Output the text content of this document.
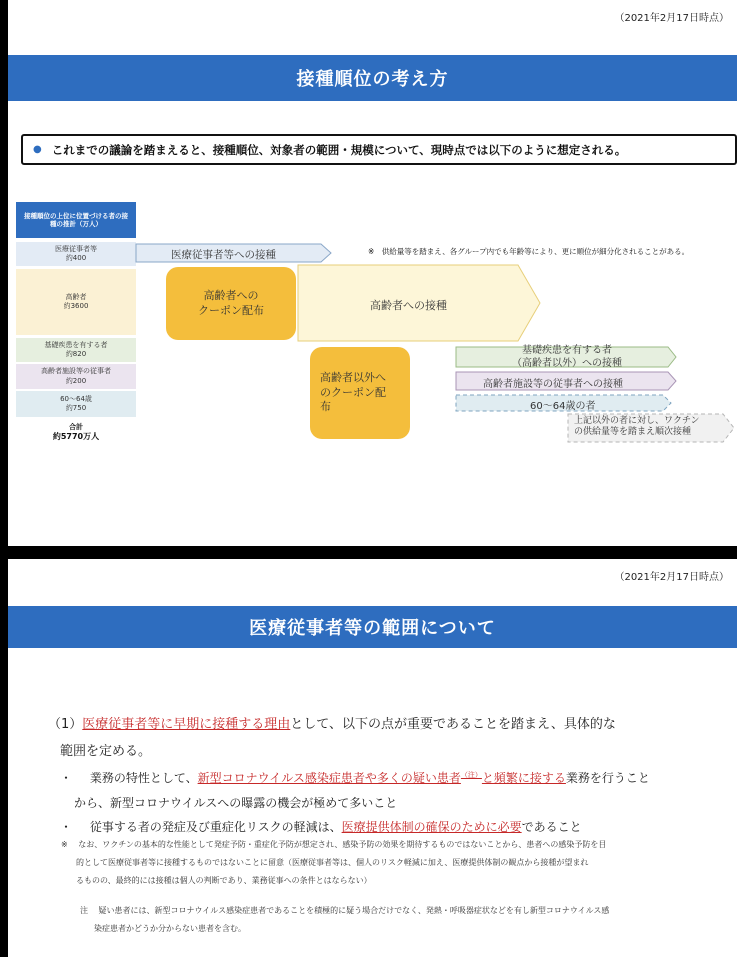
（2021年2月17日時点）
接種順位の考え方
● これまでの議論を踏まえると、接種順位、対象者の範囲・規模について、現時点では以下のように想定される。
接種順位の上位に位置づける者の接種の推計（万人）
医療従事者等
約400
高齢者
約3600
基礎疾患を有する者
約820
高齢者施設等の従事者
約200
60～64歳
約750
合計
約5770万人
※　供給量等を踏まえ、各グループ内でも年齢等により、更に順位が細分化されることがある。
医療従事者等への接種
高齢者への
クーポン配布	高齢者への接種
高齢者以外へ
のクーポン配
布
基礎疾患を有する者
（高齢者以外）への接種
高齢者施設等の従事者への接種
60～64歳の者
上記以外の者に対し、ワクチン
の供給量等を踏まえ順次接種
（2021年2月17日時点）
医療従事者等の範囲について
（1）医療従事者等に早期に接種する理由として、以下の点が重要であることを踏まえ、具体的な
範囲を定める。
・ 業務の特性として、新型コロナウイルス感染症患者や多くの疑い患者$^{(注)}$と頻繁に接する業務を行うこと
から、新型コロナウイルスへの曝露の機会が極めて多いこと
・ 従事する者の発症及び重症化リスクの軽減は、医療提供体制の確保のために必要であること
※ なお、ワクチンの基本的な性能として発症予防・重症化予防が想定され、感染予防の効果を期待するものではないことから、患者への感染予防を目
的として医療従事者等に接種するものではないことに留意（医療従事者等は、個人のリスク軽減に加え、医療提供体制の観点から接種が望まれ
るものの、最終的には接種は個人の判断であり、業務従事への条件とはならない）
注 疑い患者には、新型コロナウイルス感染症患者であることを積極的に疑う場合だけでなく、発熱・呼吸器症状などを有し新型コロナウイルス感
染症患者かどうか分からない患者を含む。
